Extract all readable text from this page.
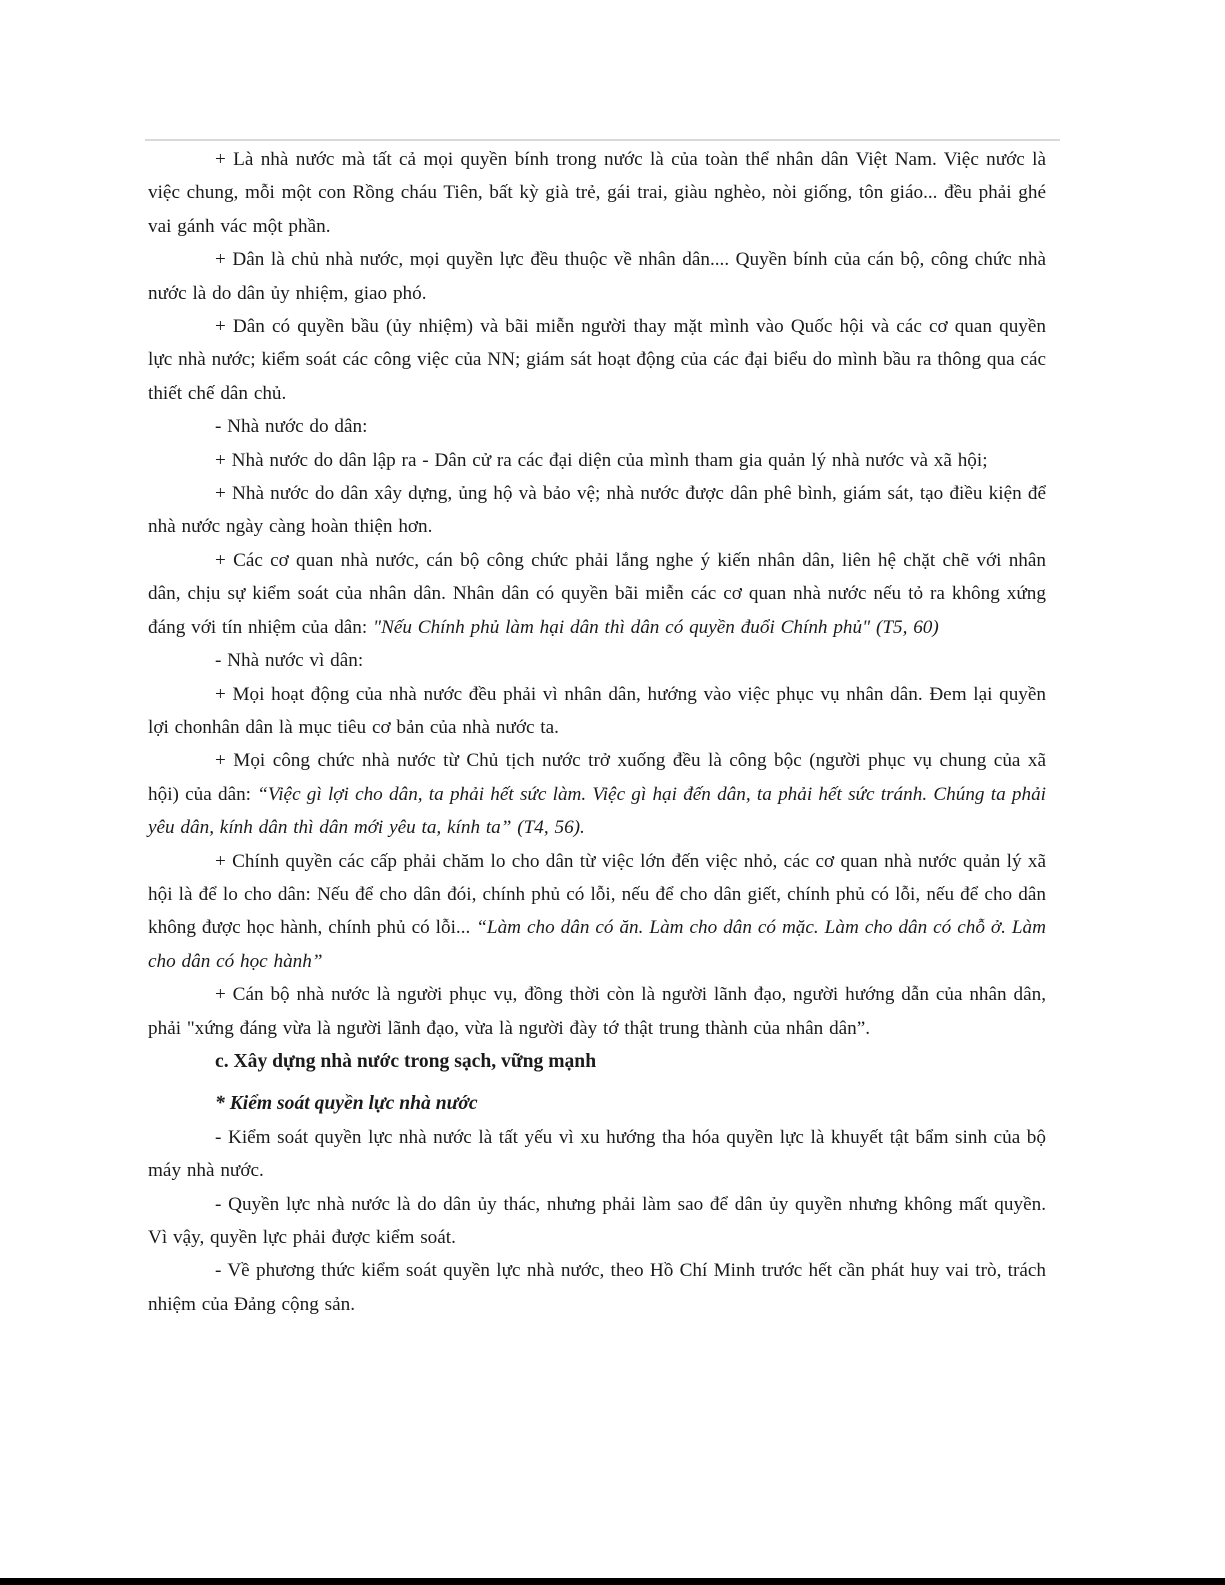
+ Là nhà nước mà tất cả mọi quyền bính trong nước là của toàn thể nhân dân Việt Nam. Việc nước là việc chung, mỗi một con Rồng cháu Tiên, bất kỳ già trẻ, gái trai, giàu nghèo, nòi giống, tôn giáo... đều phải ghé vai gánh vác một phần.

+ Dân là chủ nhà nước, mọi quyền lực đều thuộc về nhân dân.... Quyền bính của cán bộ, công chức nhà nước là do dân ủy nhiệm, giao phó.

+ Dân có quyền bầu (ủy nhiệm) và bãi miễn người thay mặt mình vào Quốc hội và các cơ quan quyền lực nhà nước; kiểm soát các công việc của NN; giám sát hoạt động của các đại biểu do mình bầu ra thông qua các thiết chế dân chủ.

- Nhà nước do dân:

+ Nhà nước do dân lập ra - Dân cử ra các đại diện của mình tham gia quản lý nhà nước và xã hội;

+ Nhà nước do dân xây dựng, ủng hộ và bảo vệ; nhà nước được dân phê bình, giám sát, tạo điều kiện để nhà nước ngày càng hoàn thiện hơn.

+ Các cơ quan nhà nước, cán bộ công chức phải lắng nghe ý kiến nhân dân, liên hệ chặt chẽ với nhân dân, chịu sự kiểm soát của nhân dân. Nhân dân có quyền bãi miễn các cơ quan nhà nước nếu tỏ ra không xứng đáng với tín nhiệm của dân: "Nếu Chính phủ làm hại dân thì dân có quyền đuổi Chính phủ" (T5, 60)

- Nhà nước vì dân:

+ Mọi hoạt động của nhà nước đều phải vì nhân dân, hướng vào việc phục vụ nhân dân. Đem lại quyền lợi chonhân dân là mục tiêu cơ bản của nhà nước ta.

+ Mọi công chức nhà nước từ Chủ tịch nước trở xuống đều là công bộc (người phục vụ chung của xã hội) của dân: “Việc gì lợi cho dân, ta phải hết sức làm. Việc gì hại đến dân, ta phải hết sức tránh. Chúng ta phải yêu dân, kính dân thì dân mới yêu ta, kính ta” (T4, 56).

+ Chính quyền các cấp phải chăm lo cho dân từ việc lớn đến việc nhỏ, các cơ quan nhà nước quản lý xã hội là để lo cho dân: Nếu để cho dân đói, chính phủ có lỗi, nếu để cho dân giết, chính phủ có lỗi, nếu để cho dân không được học hành, chính phủ có lỗi... “Làm cho dân có ăn. Làm cho dân có mặc. Làm cho dân có chỗ ở. Làm cho dân có học hành”

+ Cán bộ nhà nước là người phục vụ, đồng thời còn là người lãnh đạo, người hướng dẫn của nhân dân, phải "xứng đáng vừa là người lãnh đạo, vừa là người đày tớ thật trung thành của nhân dân”.

c. Xây dựng nhà nước trong sạch, vững mạnh

* Kiểm soát quyền lực nhà nước

- Kiểm soát quyền lực nhà nước là tất yếu vì xu hướng tha hóa quyền lực là khuyết tật bẩm sinh của bộ máy nhà nước.

- Quyền lực nhà nước là do dân ủy thác, nhưng phải làm sao để dân ủy quyền nhưng không mất quyền. Vì vậy, quyền lực phải được kiểm soát.

- Về phương thức kiểm soát quyền lực nhà nước, theo Hồ Chí Minh trước hết cần phát huy vai trò, trách nhiệm của Đảng cộng sản.
